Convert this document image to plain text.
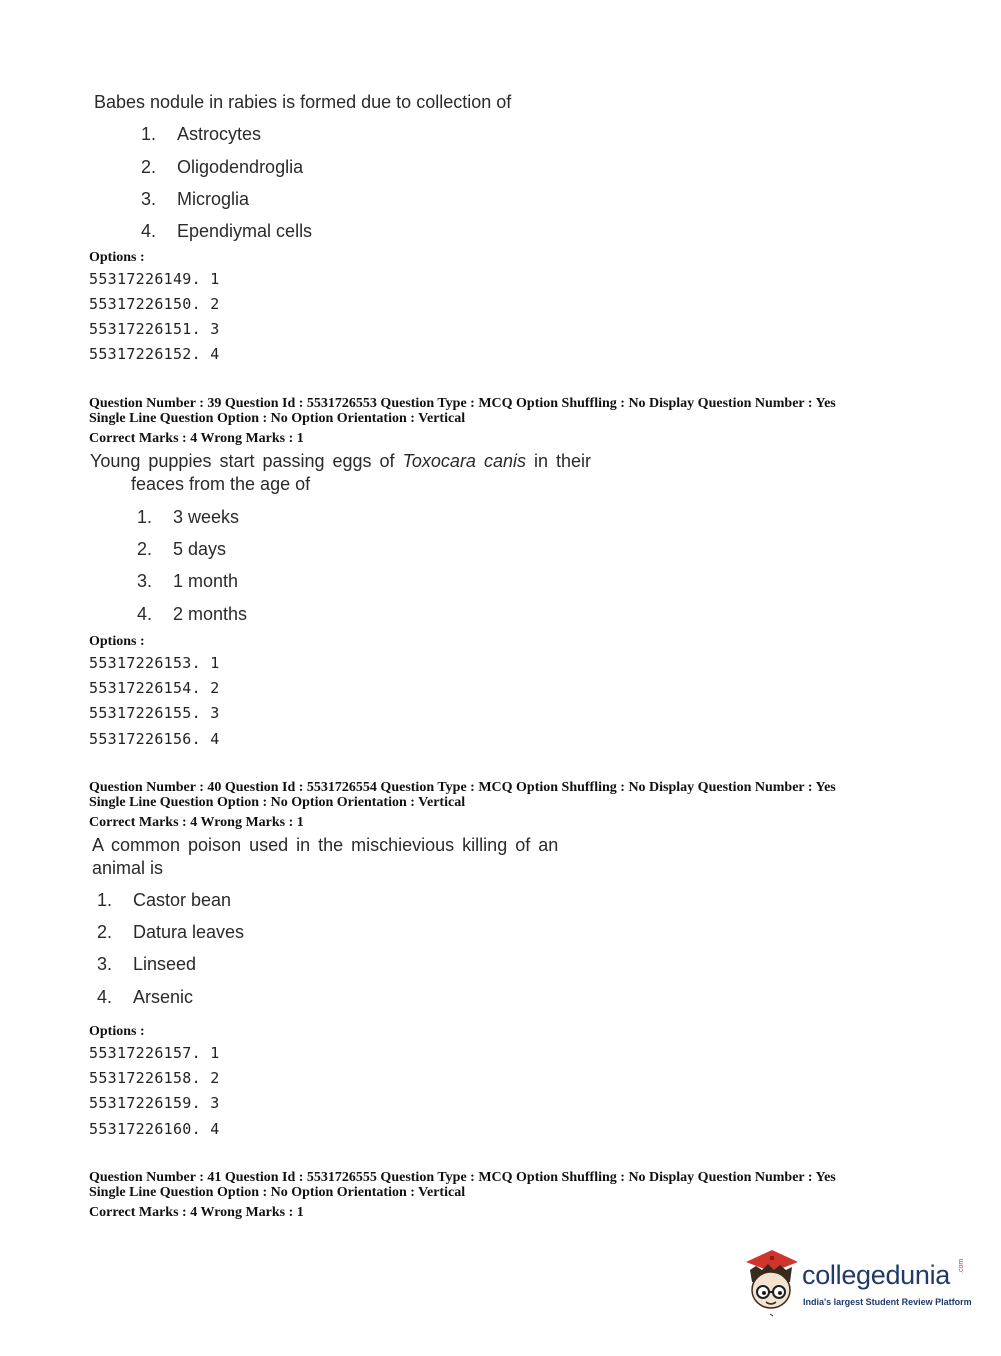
Babes nodule in rabies is formed due to collection of
1. Astrocytes
2. Oligodendroglia
3. Microglia
4. Ependiymal cells
Options :
55317226149. 1
55317226150. 2
55317226151. 3
55317226152. 4
Question Number : 39 Question Id : 5531726553 Question Type : MCQ Option Shuffling : No Display Question Number : Yes
Single Line Question Option : No Option Orientation : Vertical
Correct Marks : 4 Wrong Marks : 1
Young puppies start passing eggs of Toxocara canis in their
feaces from the age of
1. 3 weeks
2. 5 days
3. 1 month
4. 2 months
Options :
55317226153. 1
55317226154. 2
55317226155. 3
55317226156. 4
Question Number : 40 Question Id : 5531726554 Question Type : MCQ Option Shuffling : No Display Question Number : Yes
Single Line Question Option : No Option Orientation : Vertical
Correct Marks : 4 Wrong Marks : 1
A common poison used in the mischievious killing of an
animal is
1. Castor bean
2. Datura leaves
3. Linseed
4. Arsenic
Options :
55317226157. 1
55317226158. 2
55317226159. 3
55317226160. 4
Question Number : 41 Question Id : 5531726555 Question Type : MCQ Option Shuffling : No Display Question Number : Yes
Single Line Question Option : No Option Orientation : Vertical
Correct Marks : 4 Wrong Marks : 1
collegedunia .com
India's largest Student Review Platform
